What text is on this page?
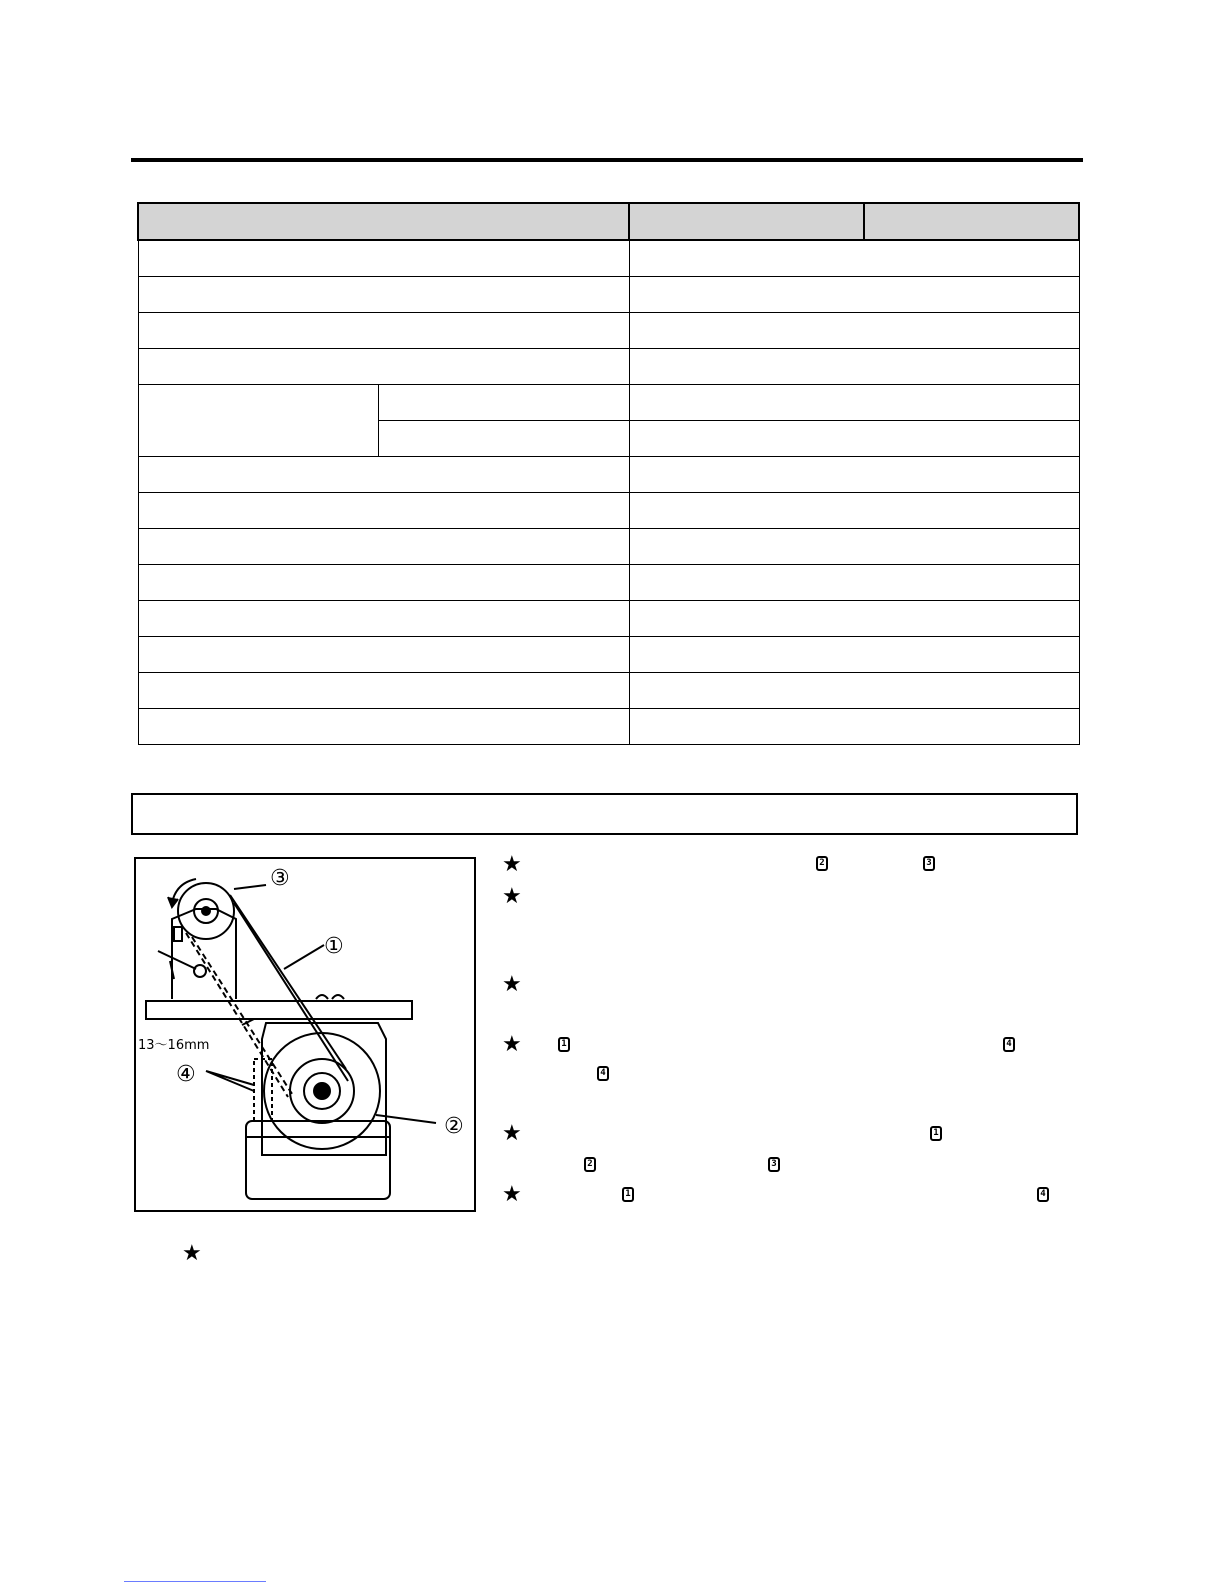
③
①
13〜16mm
④
②
★
★
★
★
★
★
★
2	3
1	4
4
1
2	3
1	4
